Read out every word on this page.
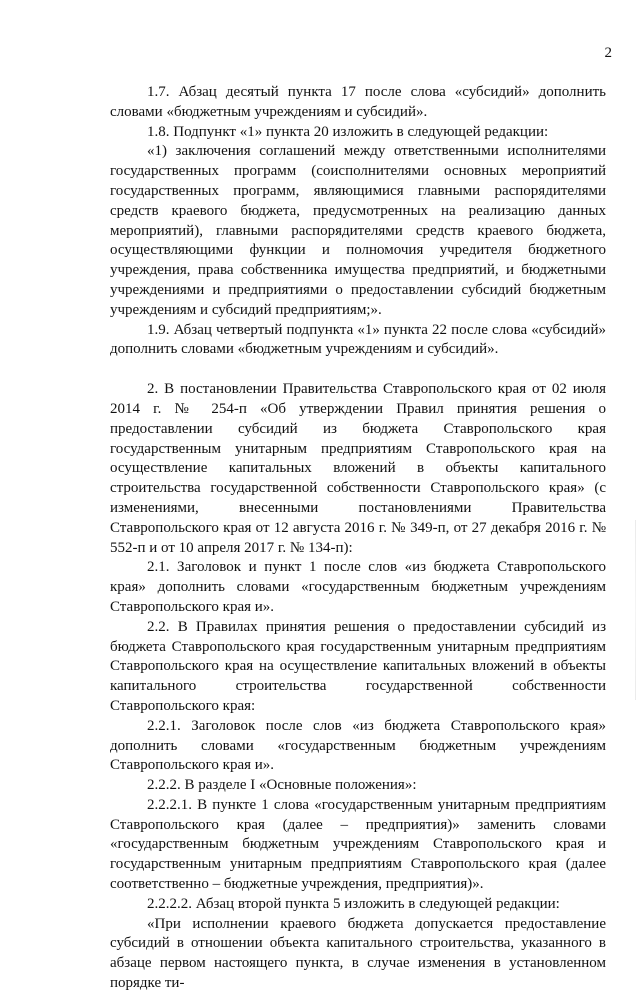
2

1.7. Абзац десятый пункта 17 после слова «субсидий» дополнить словами «бюджетным учреждениям и субсидий».

1.8. Подпункт «1» пункта 20 изложить в следующей редакции:

«1) заключения соглашений между ответственными исполнителями государственных программ (соисполнителями основных мероприятий государственных программ, являющимися главными распорядителями средств краевого бюджета, предусмотренных на реализацию данных мероприятий), главными распорядителями средств краевого бюджета, осуществляющими функции и полномочия учредителя бюджетного учреждения, права собственника имущества предприятий, и бюджетными учреждениями и предприятиями о предоставлении субсидий бюджетным учреждениям и субсидий предприятиям;».

1.9. Абзац четвертый подпункта «1» пункта 22 после слова «субсидий» дополнить словами «бюджетным учреждениям и субсидий».

2. В постановлении Правительства Ставропольского края от 02 июля 2014 г. № 254-п «Об утверждении Правил принятия решения о предоставлении субсидий из бюджета Ставропольского края государственным унитарным предприятиям Ставропольского края на осуществление капитальных вложений в объекты капитального строительства государственной собственности Ставропольского края» (с изменениями, внесенными постановлениями Правительства Ставропольского края от 12 августа 2016 г. № 349-п, от 27 декабря 2016 г. № 552-п и от 10 апреля 2017 г. № 134-п):

2.1. Заголовок и пункт 1 после слов «из бюджета Ставропольского края» дополнить словами «государственным бюджетным учреждениям Ставропольского края и».

2.2. В Правилах принятия решения о предоставлении субсидий из бюджета Ставропольского края государственным унитарным предприятиям Ставропольского края на осуществление капитальных вложений в объекты капитального строительства государственной собственности Ставропольского края:

2.2.1. Заголовок после слов «из бюджета Ставропольского края» дополнить словами «государственным бюджетным учреждениям Ставропольского края и».

2.2.2. В разделе I «Основные положения»:

2.2.2.1. В пункте 1 слова «государственным унитарным предприятиям Ставропольского края (далее – предприятия)» заменить словами «государственным бюджетным учреждениям Ставропольского края и государственным унитарным предприятиям Ставропольского края (далее соответственно – бюджетные учреждения, предприятия)».

2.2.2.2. Абзац второй пункта 5 изложить в следующей редакции:

«При исполнении краевого бюджета допускается предоставление субсидий в отношении объекта капитального строительства, указанного в абзаце первом настоящего пункта, в случае изменения в установленном порядке ти-
